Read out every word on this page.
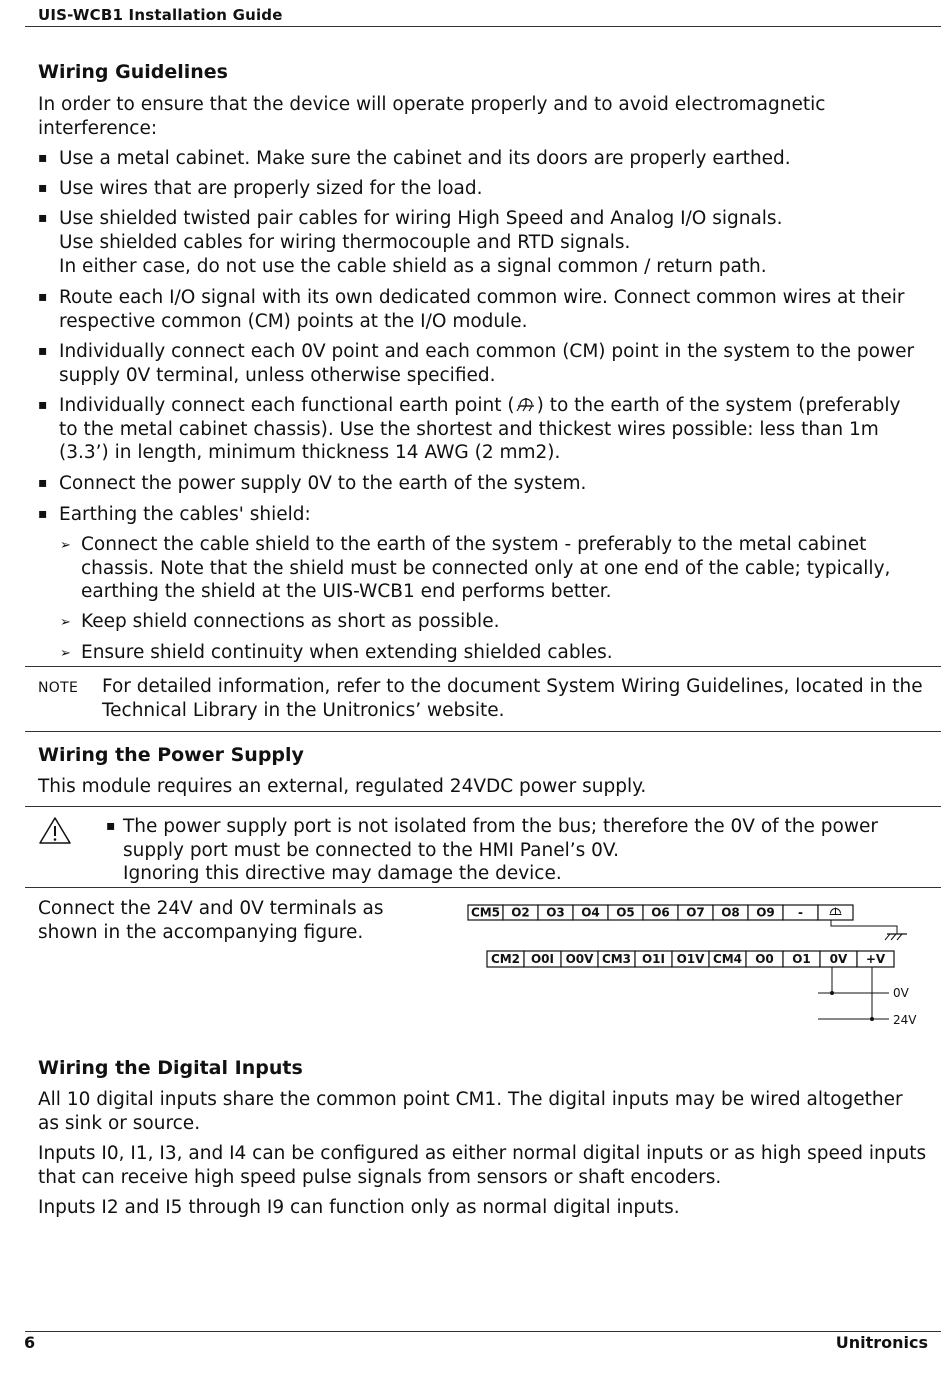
UIS-WCB1 Installation Guide
Wiring Guidelines
In order to ensure that the device will operate properly and to avoid electromagnetic interference:
▪ Use a metal cabinet. Make sure the cabinet and its doors are properly earthed.
▪ Use wires that are properly sized for the load.
▪ Use shielded twisted pair cables for wiring High Speed and Analog I/O signals.
Use shielded cables for wiring thermocouple and RTD signals.
In either case, do not use the cable shield as a signal common / return path.
▪ Route each I/O signal with its own dedicated common wire. Connect common wires at their respective common (CM) points at the I/O module.
▪ Individually connect each 0V point and each common (CM) point in the system to the power supply 0V terminal, unless otherwise specified.
▪ Individually connect each functional earth point ( ) to the earth of the system (preferably to the metal cabinet chassis). Use the shortest and thickest wires possible: less than 1m (3.3’) in length, minimum thickness 14 AWG (2 mm2).
▪ Connect the power supply 0V to the earth of the system.
▪ Earthing the cables' shield:
➢ Connect the cable shield to the earth of the system - preferably to the metal cabinet chassis. Note that the shield must be connected only at one end of the cable; typically, earthing the shield at the UIS-WCB1 end performs better.
➢ Keep shield connections as short as possible.
➢ Ensure shield continuity when extending shielded cables.
NOTE For detailed information, refer to the document System Wiring Guidelines, located in the Technical Library in the Unitronics’ website.
Wiring the Power Supply
This module requires an external, regulated 24VDC power supply.
▪ The power supply port is not isolated from the bus; therefore the 0V of the power supply port must be connected to the HMI Panel’s 0V.
Ignoring this directive may damage the device.
Connect the 24V and 0V terminals as shown in the accompanying figure.
CM5 O2 O3 O4 O5 O6 O7 O8 O9 -
CM2 O0I O0V CM3 O1I O1V CM4 O0 O1 0V +V
0V
24V
Wiring the Digital Inputs
All 10 digital inputs share the common point CM1. The digital inputs may be wired altogether as sink or source.
Inputs I0, I1, I3, and I4 can be configured as either normal digital inputs or as high speed inputs that can receive high speed pulse signals from sensors or shaft encoders.
Inputs I2 and I5 through I9 can function only as normal digital inputs.
6	Unitronics
